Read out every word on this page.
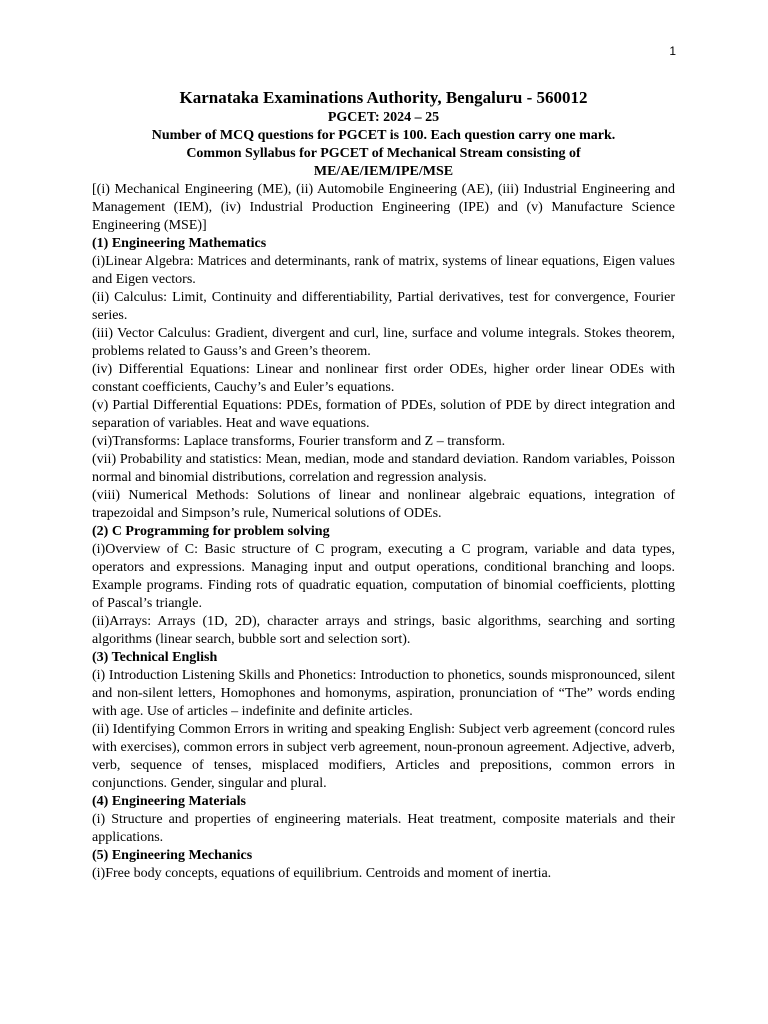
1
Karnataka Examinations Authority, Bengaluru - 560012
PGCET: 2024 – 25
Number of MCQ questions for PGCET is 100. Each question carry one mark.
Common Syllabus for PGCET of Mechanical Stream consisting of
ME/AE/IEM/IPE/MSE

[(i) Mechanical Engineering (ME), (ii) Automobile Engineering (AE), (iii) Industrial Engineering and Management (IEM), (iv) Industrial Production Engineering (IPE) and (v) Manufacture Science Engineering (MSE)]

(1) Engineering Mathematics

(i)Linear Algebra: Matrices and determinants, rank of matrix, systems of linear equations, Eigen values and Eigen vectors.

(ii) Calculus: Limit, Continuity and differentiability, Partial derivatives, test for convergence, Fourier series.

(iii) Vector Calculus: Gradient, divergent and curl, line, surface and volume integrals. Stokes theorem, problems related to Gauss’s and Green’s theorem.

(iv) Differential Equations: Linear and nonlinear first order ODEs, higher order linear ODEs with constant coefficients, Cauchy’s and Euler’s equations.

(v) Partial Differential Equations: PDEs, formation of PDEs, solution of PDE by direct integration and separation of variables. Heat and wave equations.

(vi)Transforms: Laplace transforms, Fourier transform and Z – transform.

(vii) Probability and statistics: Mean, median, mode and standard deviation. Random variables, Poisson normal and binomial distributions, correlation and regression analysis.

(viii) Numerical Methods: Solutions of linear and nonlinear algebraic equations, integration of trapezoidal and Simpson’s rule, Numerical solutions of ODEs.

(2) C Programming for problem solving

(i)Overview of C: Basic structure of C program, executing a C program, variable and data types, operators and expressions. Managing input and output operations, conditional branching and loops. Example programs. Finding rots of quadratic equation, computation of binomial coefficients, plotting of Pascal’s triangle.

(ii)Arrays: Arrays (1D, 2D), character arrays and strings, basic algorithms, searching and sorting algorithms (linear search, bubble sort and selection sort).

(3) Technical English

(i) Introduction Listening Skills and Phonetics: Introduction to phonetics, sounds mispronounced, silent and non-silent letters, Homophones and homonyms, aspiration, pronunciation of “The” words ending with age. Use of articles – indefinite and definite articles.

(ii) Identifying Common Errors in writing and speaking English: Subject verb agreement (concord rules with exercises), common errors in subject verb agreement, noun-pronoun agreement. Adjective, adverb, verb, sequence of tenses, misplaced modifiers, Articles and prepositions, common errors in conjunctions. Gender, singular and plural.

(4) Engineering Materials

(i) Structure and properties of engineering materials. Heat treatment, composite materials and their applications.

(5) Engineering Mechanics

(i)Free body concepts, equations of equilibrium. Centroids and moment of inertia.
